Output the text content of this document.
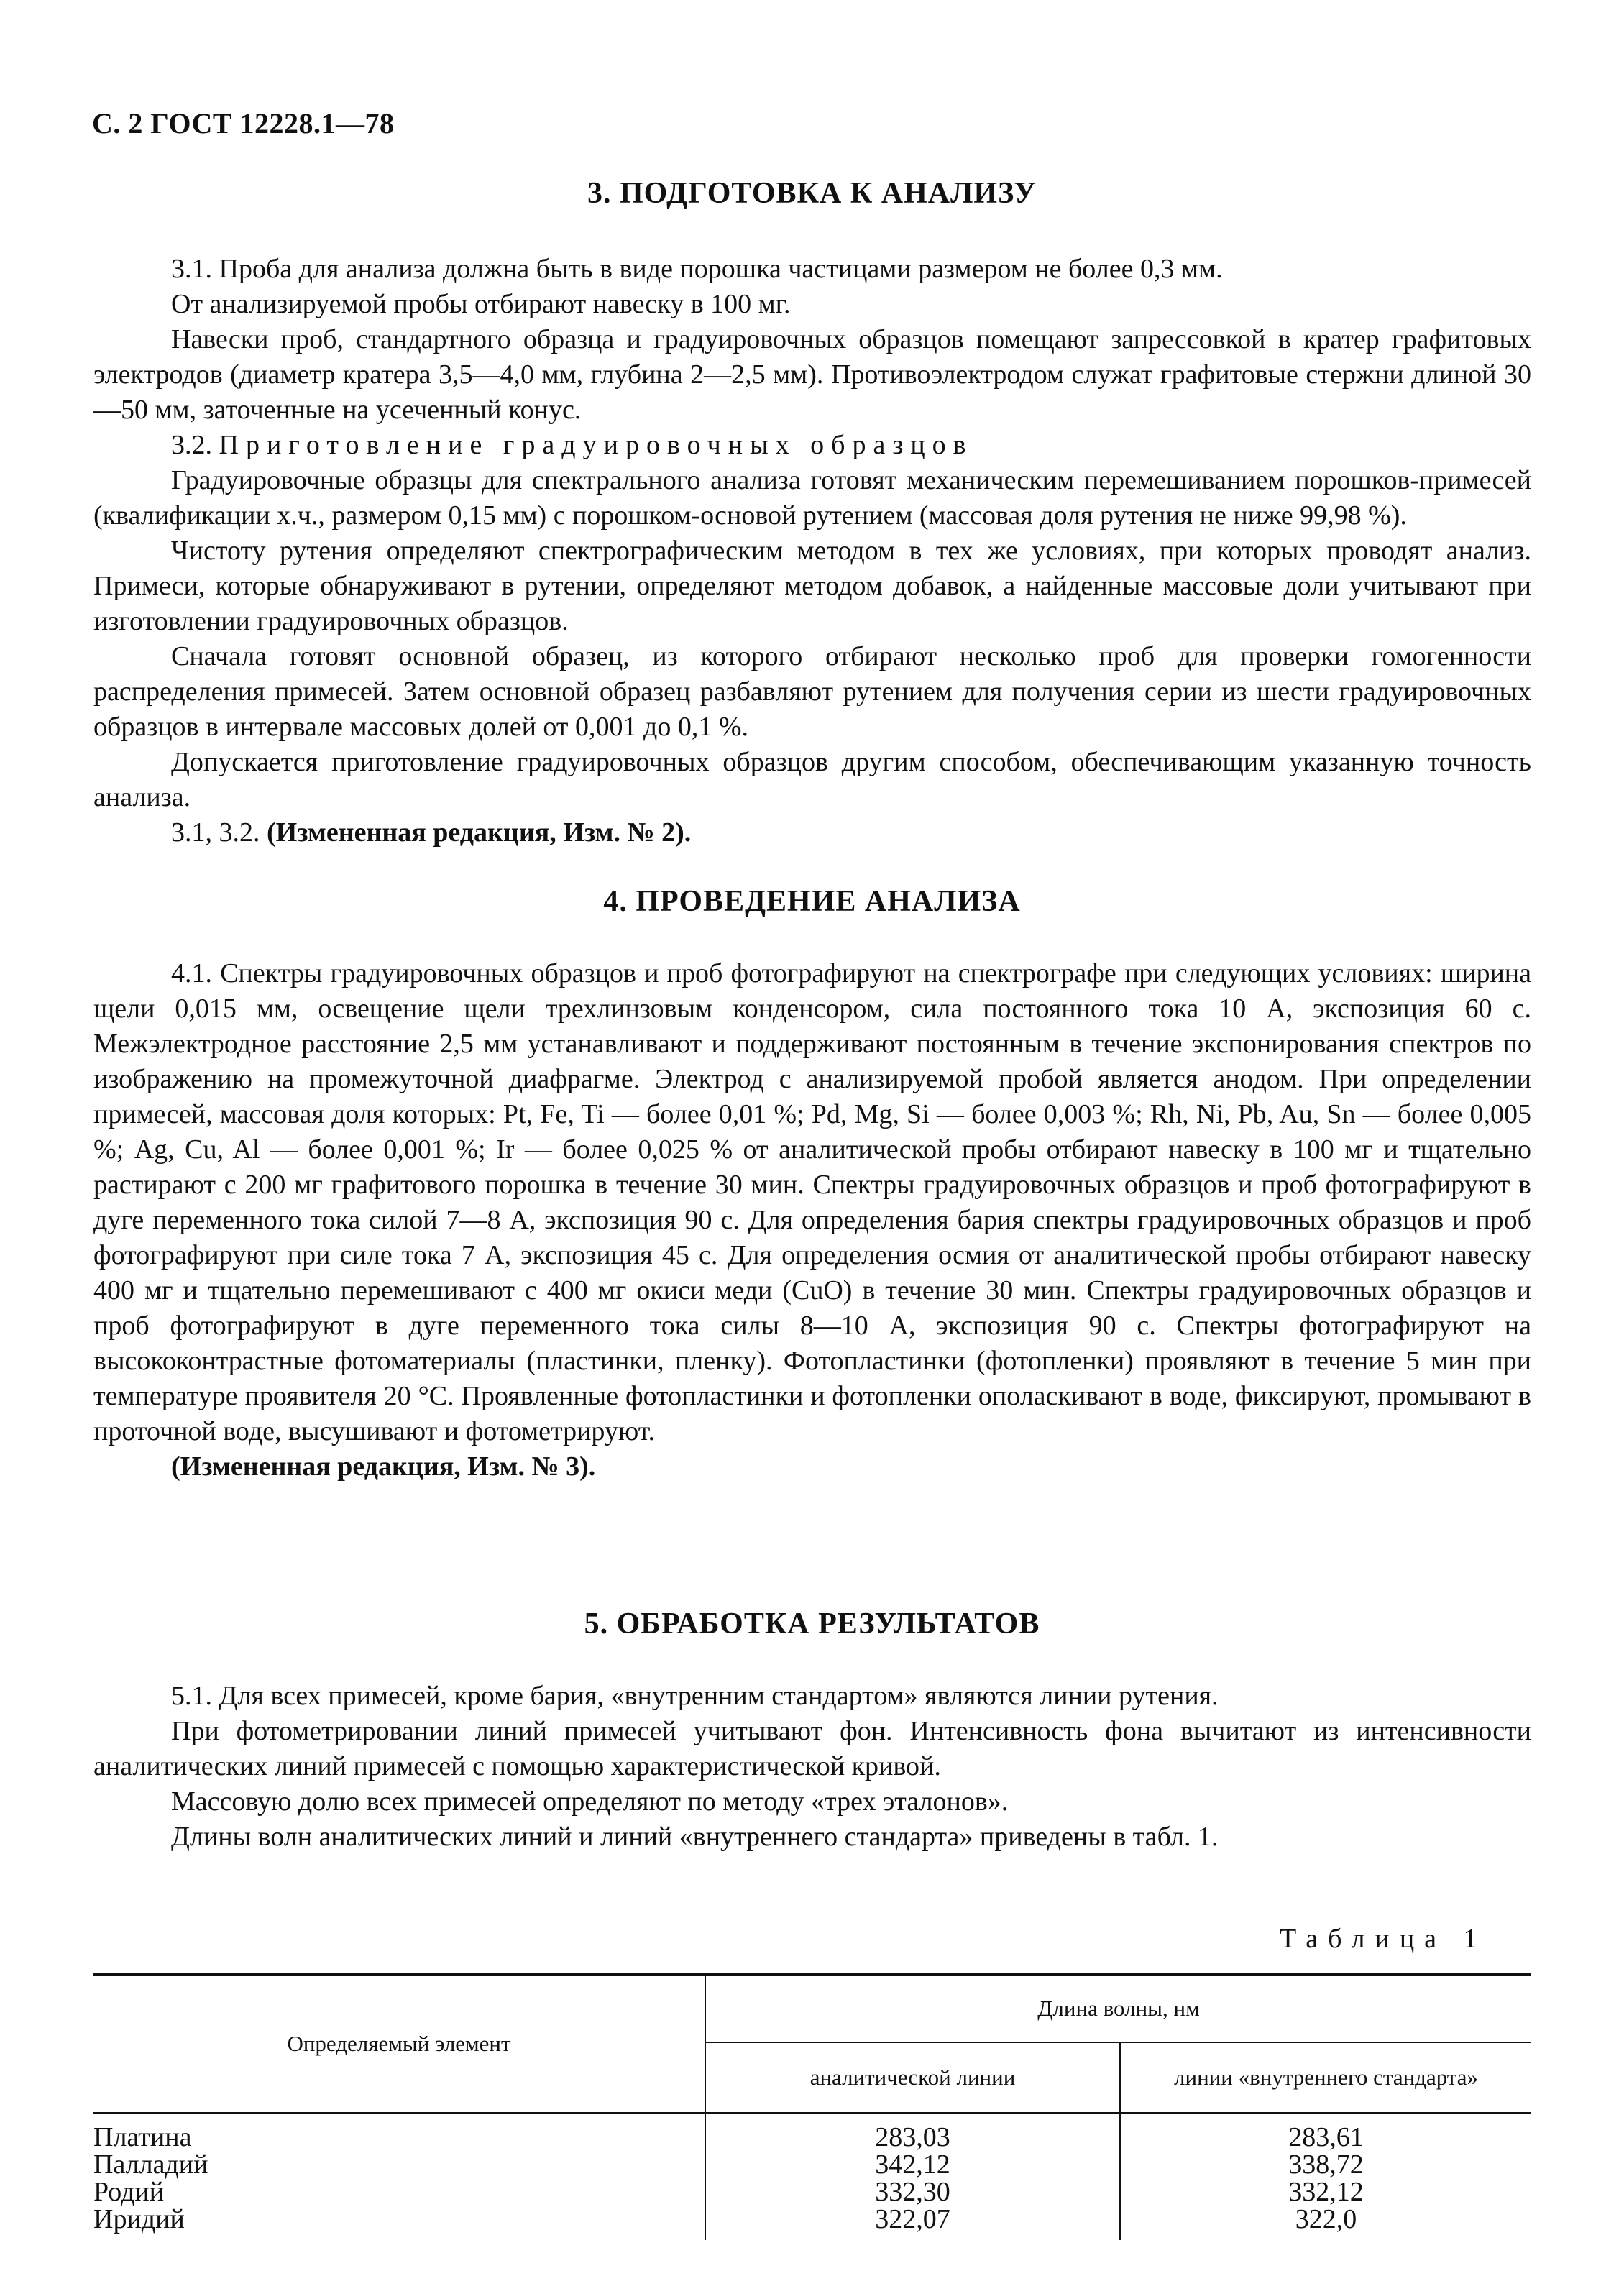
С. 2 ГОСТ 12228.1—78
3. ПОДГОТОВКА К АНАЛИЗУ

3.1. Проба для анализа должна быть в виде порошка частицами размером не более 0,3 мм.

От анализируемой пробы отбирают навеску в 100 мг.

Навески проб, стандартного образца и градуировочных образцов помещают запрессовкой в кратер графитовых электродов (диаметр кратера 3,5—4,0 мм, глубина 2—2,5 мм). Противоэлектродом служат графитовые стержни длиной 30—50 мм, заточенные на усеченный конус.

3.2. Приготовление градуировочных образцов

Градуировочные образцы для спектрального анализа готовят механическим перемешиванием порошков-примесей (квалификации х.ч., размером 0,15 мм) с порошком-основой рутением (массовая доля рутения не ниже 99,98 %).

Чистоту рутения определяют спектрографическим методом в тех же условиях, при которых проводят анализ. Примеси, которые обнаруживают в рутении, определяют методом добавок, а найденные массовые доли учитывают при изготовлении градуировочных образцов.

Сначала готовят основной образец, из которого отбирают несколько проб для проверки гомогенности распределения примесей. Затем основной образец разбавляют рутением для получения серии из шести градуировочных образцов в интервале массовых долей от 0,001 до 0,1 %.

Допускается приготовление градуировочных образцов другим способом, обеспечивающим указанную точность анализа.

3.1, 3.2. (Измененная редакция, Изм. № 2).

4. ПРОВЕДЕНИЕ АНАЛИЗА

4.1. Спектры градуировочных образцов и проб фотографируют на спектрографе при следующих условиях: ширина щели 0,015 мм, освещение щели трехлинзовым конденсором, сила постоянного тока 10 А, экспозиция 60 с. Межэлектродное расстояние 2,5 мм устанавливают и поддерживают постоянным в течение экспонирования спектров по изображению на промежуточной диафрагме. Электрод с анализируемой пробой является анодом. При определении примесей, массовая доля которых: Pt, Fe, Ti — более 0,01 %; Pd, Mg, Si — более 0,003 %; Rh, Ni, Pb, Au, Sn — более 0,005 %; Ag, Cu, Al — более 0,001 %; Ir — более 0,025 % от аналитической пробы отбирают навеску в 100 мг и тщательно растирают с 200 мг графитового порошка в течение 30 мин. Спектры градуировочных образцов и проб фотографируют в дуге переменного тока силой 7—8 А, экспозиция 90 с. Для определения бария спектры градуировочных образцов и проб фотографируют при силе тока 7 А, экспозиция 45 с. Для определения осмия от аналитической пробы отбирают навеску 400 мг и тщательно перемешивают с 400 мг окиси меди (CuO) в течение 30 мин. Спектры градуировочных образцов и проб фотографируют в дуге переменного тока силы 8—10 А, экспозиция 90 с. Спектры фотографируют на высококонтрастные фотоматериалы (пластинки, пленку). Фотопластинки (фотопленки) проявляют в течение 5 мин при температуре проявителя 20 °С. Проявленные фотопластинки и фотопленки ополаскивают в воде, фиксируют, промывают в проточной воде, высушивают и фотометрируют.

(Измененная редакция, Изм. № 3).

5. ОБРАБОТКА РЕЗУЛЬТАТОВ

5.1. Для всех примесей, кроме бария, «внутренним стандартом» являются линии рутения.

При фотометрировании линий примесей учитывают фон. Интенсивность фона вычитают из интенсивности аналитических линий примесей с помощью характеристической кривой.

Массовую долю всех примесей определяют по методу «трех эталонов».

Длины волн аналитических линий и линий «внутреннего стандарта» приведены в табл. 1.

Таблица 1
Определяемый элемент	Длина волны, нм	
	аналитической линии	линии «внутреннего стандарта»
Платина	283,03	283,61
Палладий	342,12	338,72
Родий	332,30	332,12
Иридий	322,07	322,0
